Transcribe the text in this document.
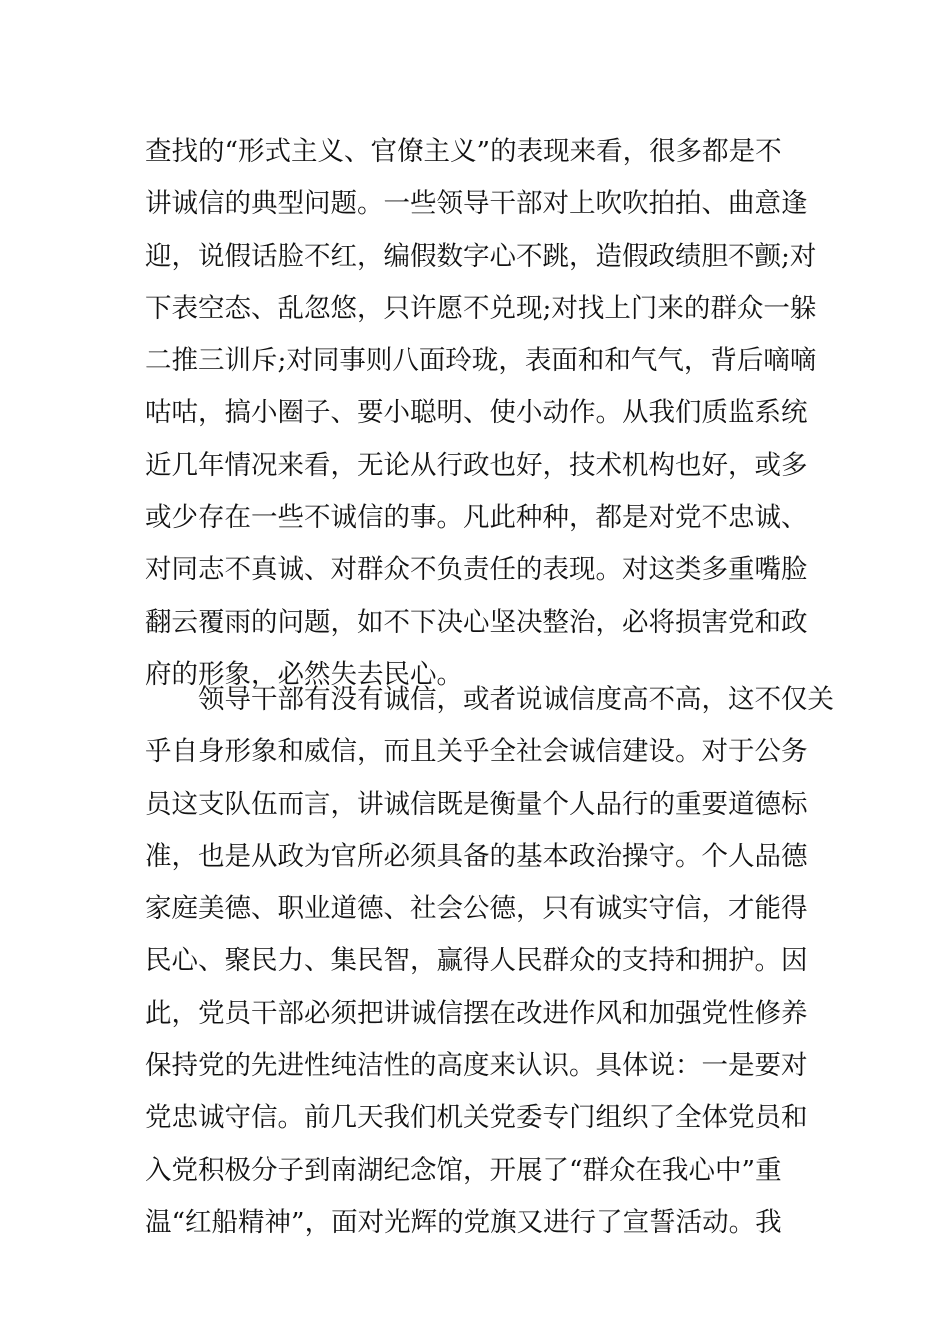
查找的“形式主义、官僚主义”的表现来看，很多都是不
讲诚信的典型问题。一些领导干部对上吹吹拍拍、曲意逢
迎，说假话脸不红，编假数字心不跳，造假政绩胆不颤;对
下表空态、乱忽悠，只许愿不兑现;对找上门来的群众一躲
二推三训斥;对同事则八面玲珑，表面和和气气，背后嘀嘀
咕咕，搞小圈子、要小聪明、使小动作。从我们质监系统
近几年情况来看，无论从行政也好，技术机构也好，或多
或少存在一些不诚信的事。凡此种种，都是对党不忠诚、
对同志不真诚、对群众不负责任的表现。对这类多重嘴脸
翻云覆雨的问题，如不下决心坚决整治，必将损害党和政
府的形象，必然失去民心。
　　领导干部有没有诚信，或者说诚信度高不高，这不仅关
乎自身形象和威信，而且关乎全社会诚信建设。对于公务
员这支队伍而言，讲诚信既是衡量个人品行的重要道德标
准，也是从政为官所必须具备的基本政治操守。个人品德
家庭美德、职业道德、社会公德，只有诚实守信，才能得
民心、聚民力、集民智，赢得人民群众的支持和拥护。因
此，党员干部必须把讲诚信摆在改进作风和加强党性修养
保持党的先进性纯洁性的高度来认识。具体说：一是要对
党忠诚守信。前几天我们机关党委专门组织了全体党员和
入党积极分子到南湖纪念馆，开展了“群众在我心中”重
温“红船精神”，面对光辉的党旗又进行了宣誓活动。我
